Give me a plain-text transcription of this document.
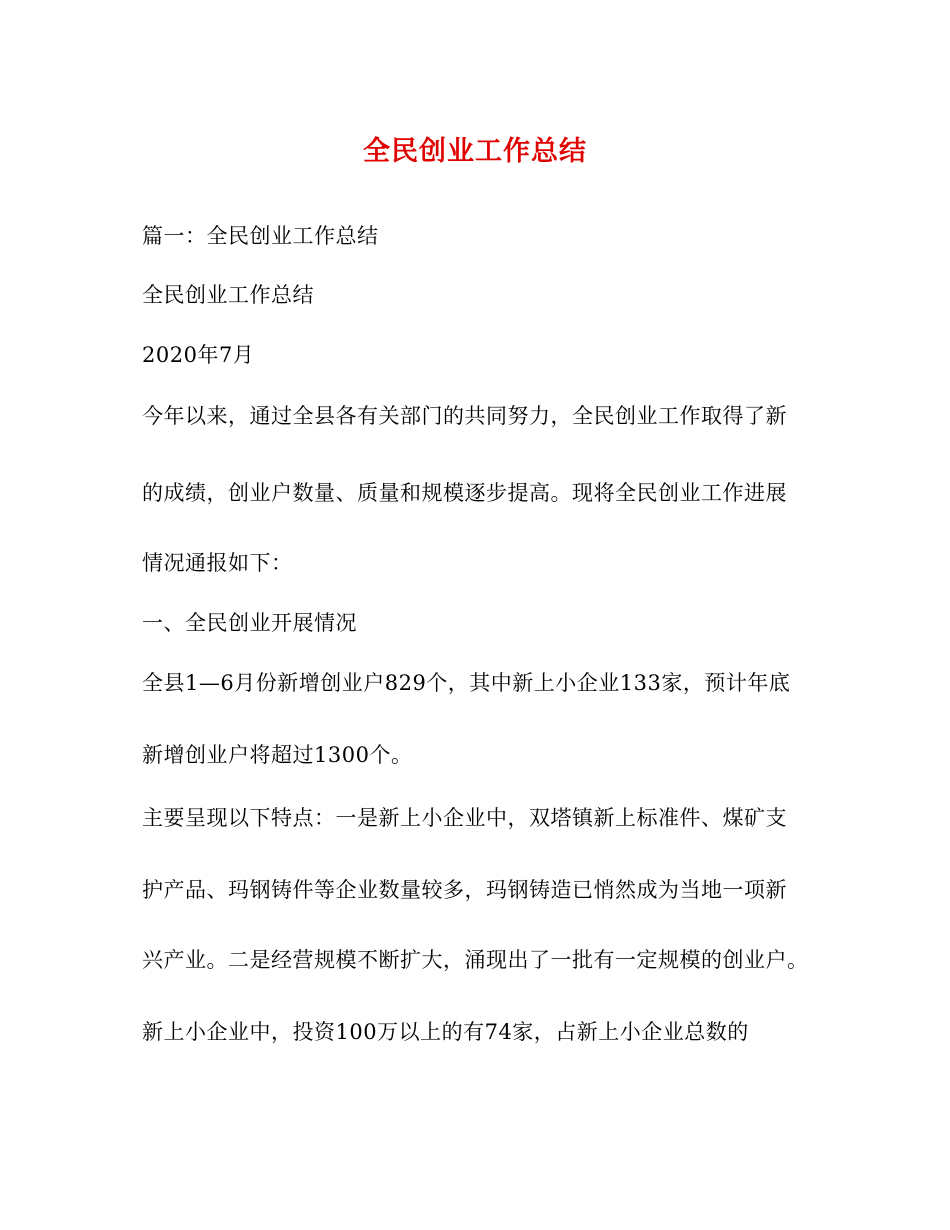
全民创业工作总结
篇一：全民创业工作总结
全民创业工作总结
2020年7月
今年以来，通过全县各有关部门的共同努力，全民创业工作取得了新
的成绩，创业户数量、质量和规模逐步提高。现将全民创业工作进展
情况通报如下：
一、全民创业开展情况
全县1—6月份新增创业户829个，其中新上小企业133家，预计年底
新增创业户将超过1300个。
主要呈现以下特点：一是新上小企业中，双塔镇新上标准件、煤矿支
护产品、玛钢铸件等企业数量较多，玛钢铸造已悄然成为当地一项新
兴产业。二是经营规模不断扩大，涌现出了一批有一定规模的创业户。
新上小企业中，投资100万以上的有74家，占新上小企业总数的
